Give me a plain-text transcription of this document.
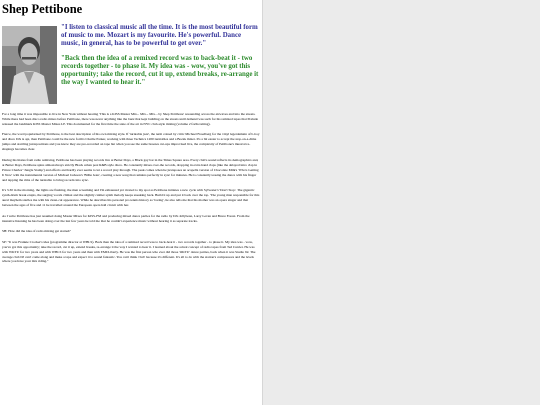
Shep Pettibone

"I listen to classical music all the time. It is the most beautiful form of music to me. Mozart is my favourite. He's powerful. Dance music, in general, has to be powerful to get over."

"Back then the idea of a remixed record was to back-beat it - two records together - to phase it. My idea was - wow, you've got this opportunity; take the record, cut it up, extend breaks, re-arrange it the way I wanted to hear it."

For a long time it was impossible to live in New York without hearing 'This is a KISS Master Mix... Mix... Mix... by Shep Pettibone' resounding across the airwaves and into the streets. While there had been disco radio mixes before Pettibone, there was never anything like the buzz that kept building on the streets until demand was such for his remixed tapes that Prelude released the landmark KISS Master Mixes LP. This documented for the first time the state of the art in NYC club-style mixing (volume 2 forthcoming).

Fierce, the word popularised by Pettibone, is the best description of his own mixing style. If 'turntable jazz', the term coined by critic Michael Freedberg for the vinyl legerdemain of b-boy and disco DJs is apt, then Pettibone could be the new form's Charlie Parker, working with three Technics 1200 turntables and a Bozak mixer. It's a bit easier to accept the stop-on-a-dime jumps and startling juxtapositions and you know they are pre-recorded on tape but when you see the same breezes cut-ups improvised live, the complexity of Pettibone's musical re-shapings becomes clear.

During his hiatus from radio remixing, Pettibone has been playing records live at Better Days, a Black gay bar in the Times Square area. Every club's sound reflects its demographics and, at Better Days, Pettibone spins almostalways strictly Black urban post R&B style disco. He constantly mixes over-the records, dropping in extra hand claps (like the delayed intro clap in Prince Charles' 'Jungle Stomp') and effects and hardly ever seems to let a record play through. The peak comes when he juxtaposes an acapella version of Chocolate Milk's 'Who's Getting It Now' with the instrumental version of Michael Jackson's 'Billie Jean', creating a new song that remains perfectly in sync for minutes. He is constantly teasing the dance with his finger and tapping the rims of the turntable to bring records into sync.

It's 3.30 in the morning, the lights are flashing, the men screaming and I'm exhausted yet riveted to my spot as Pettibone initiates a new cycle with Sylvester's 'Don't Stop'. The gigantic synth-drum break erupts, the surging vocals climax and the slightly calmer synth melody keeps sneaking back. Build it up and put it back over the top. 'The young man responsible for this aural mayhem startles me with his clean-cut appearance. While he describes his personal pro tennis history as 'boring', he also tells me that his mother was an opera singer and that between the ages of five and 11 he travelled around the European opera hall circuit with her.

As I write Pettibone has just resumed doing Master Mixes for KISS-FM and producing mixed dance parties for the radio by DJs Jellybean, Larry Levan and Bruce Forest. From the intensive listening he has been doing over the last few years he told me that he couldn't experience music without hearing it as separate tracks.

SH: How did the idea of radio mixing get started?

SP: "It was Frankie Crocker's idea (programme director at WBLS). Back then the idea of a remixed record was to back-beat it - two records together - to phase it. My idea was - wow, you've got this opportunity; take the record, cut it up, extend breaks, re-arrange it the way I wanted to hear it. I learned about the actual concept of radio tapes from Ted Currier. He was with WKTU for two years and with WBLS for two years and then with EMI/Liberty. He was the first person who ever did those 'OKTU' dance parties, back when it was Studio 92. The average club DJ can't come along and make a tape and expect it to sound fantastic. You can't think 'club' because it's different. It's all to do with the station's compressors and the levels where you have your mix riding."
